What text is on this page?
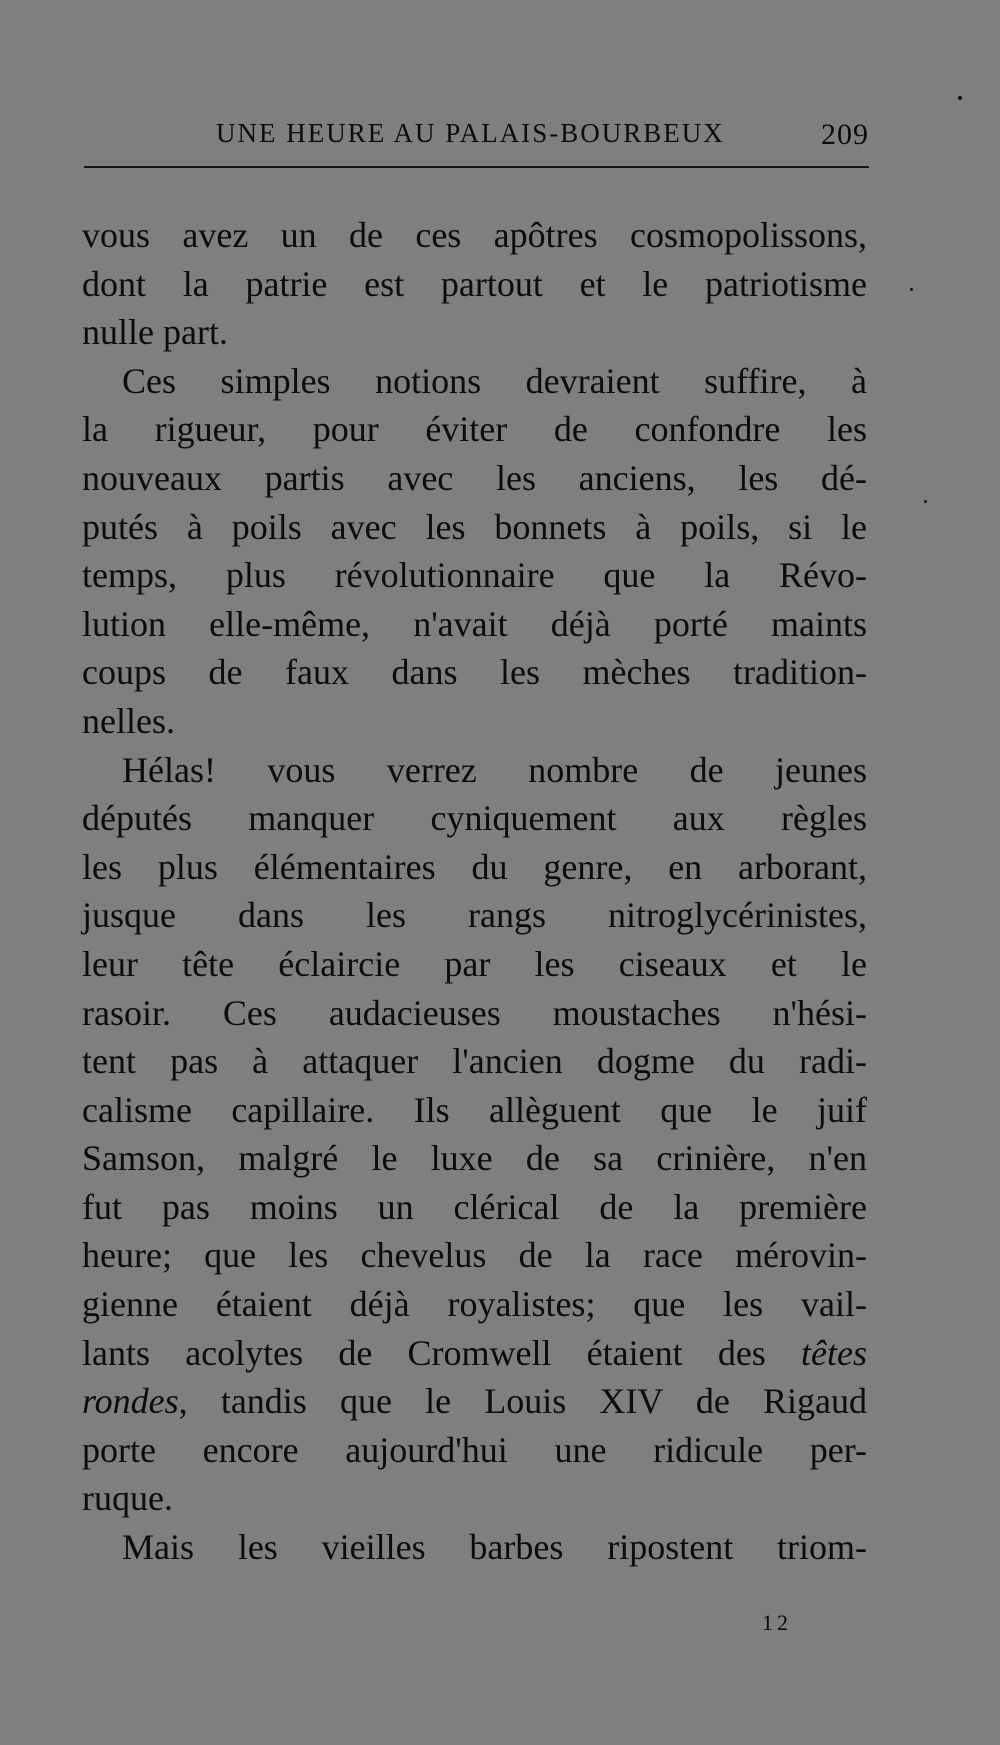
UNE HEURE AU PALAIS-BOURBEUX	209
vous avez un de ces apôtres cosmopolissons,
dont la patrie est partout et le patriotisme
nulle part.
Ces simples notions devraient suffire, à
la rigueur, pour éviter de confondre les
nouveaux partis avec les anciens, les dé-
putés à poils avec les bonnets à poils, si le
temps, plus révolutionnaire que la Révo-
lution elle-même, n'avait déjà porté maints
coups de faux dans les mèches tradition-
nelles.
Hélas! vous verrez nombre de jeunes
députés manquer cyniquement aux règles
les plus élémentaires du genre, en arborant,
jusque dans les rangs nitroglycérinistes,
leur tête éclaircie par les ciseaux et le
rasoir. Ces audacieuses moustaches n'hési-
tent pas à attaquer l'ancien dogme du radi-
calisme capillaire. Ils allèguent que le juif
Samson, malgré le luxe de sa crinière, n'en
fut pas moins un clérical de la première
heure; que les chevelus de la race mérovin-
gienne étaient déjà royalistes; que les vail-
lants acolytes de Cromwell étaient des têtes
rondes, tandis que le Louis XIV de Rigaud
porte encore aujourd'hui une ridicule per-
ruque.
Mais les vieilles barbes ripostent triom-
12
